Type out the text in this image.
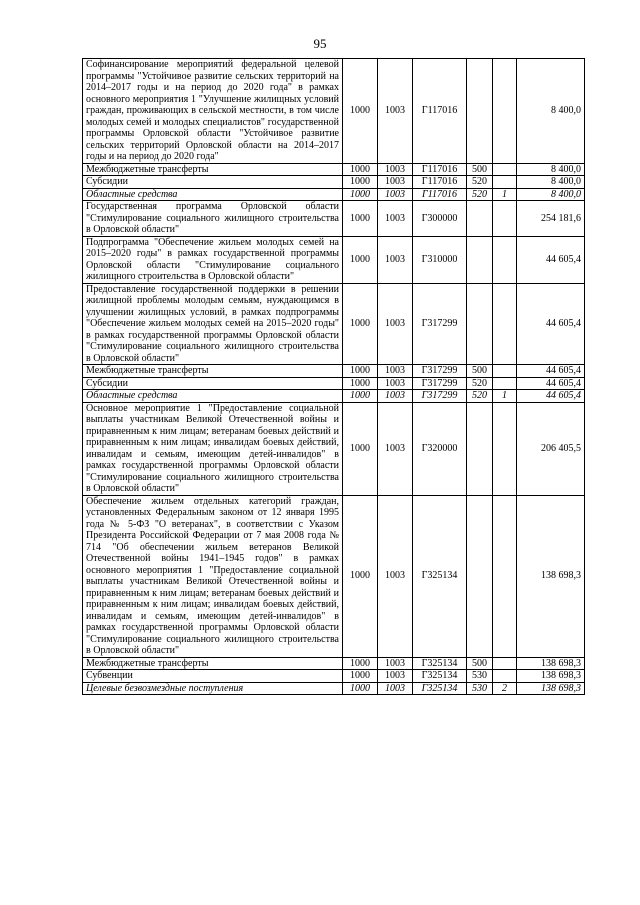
95
Софинансирование мероприятий федеральной целевой программы "Устойчивое развитие сельских территорий на 2014–2017 годы и на период до 2020 года" в рамках основного мероприятия 1 "Улучшение жилищных условий граждан, проживающих в сельской местности, в том числе молодых семей и молодых специалистов" государственной программы Орловской области "Устойчивое развитие сельских территорий Орловской области на 2014–2017 годы и на период до 2020 года"	1000	1003	Г117016			8 400,0
Межбюджетные трансферты	1000	1003	Г117016	500		8 400,0
Субсидии	1000	1003	Г117016	520		8 400,0
Областные средства	1000	1003	Г117016	520	1	8 400,0
Государственная программа Орловской области "Стимулирование социального жилищного строительства в Орловской области"	1000	1003	Г300000			254 181,6
Подпрограмма "Обеспечение жильем молодых семей на 2015–2020 годы" в рамках государственной программы Орловской области "Стимулирование социального жилищного строительства в Орловской области"	1000	1003	Г310000			44 605,4
Предоставление государственной поддержки в решении жилищной проблемы молодым семьям, нуждающимся в улучшении жилищных условий, в рамках подпрограммы "Обеспечение жильем молодых семей на 2015–2020 годы" в рамках государственной программы Орловской области "Стимулирование социального жилищного строительства в Орловской области"	1000	1003	Г317299			44 605,4
Межбюджетные трансферты	1000	1003	Г317299	500		44 605,4
Субсидии	1000	1003	Г317299	520		44 605,4
Областные средства	1000	1003	Г317299	520	1	44 605,4
Основное мероприятие 1 "Предоставление социальной выплаты участникам Великой Отечественной войны и приравненным к ним лицам; ветеранам боевых действий и приравненным к ним лицам; инвалидам боевых действий, инвалидам и семьям, имеющим детей-инвалидов" в рамках государственной программы Орловской области "Стимулирование социального жилищного строительства в Орловской области"	1000	1003	Г320000			206 405,5
Обеспечение жильем отдельных категорий граждан, установленных Федеральным законом от 12 января 1995 года № 5-ФЗ "О ветеранах", в соответствии с Указом Президента Российской Федерации от 7 мая 2008 года № 714 "Об обеспечении жильем ветеранов Великой Отечественной войны 1941–1945 годов" в рамках основного мероприятия 1 "Предоставление социальной выплаты участникам Великой Отечественной войны и приравненным к ним лицам; ветеранам боевых действий и приравненным к ним лицам; инвалидам боевых действий, инвалидам и семьям, имеющим детей-инвалидов" в рамках государственной программы Орловской области "Стимулирование социального жилищного строительства в Орловской области"	1000	1003	Г325134			138 698,3
Межбюджетные трансферты	1000	1003	Г325134	500		138 698,3
Субвенции	1000	1003	Г325134	530		138 698,3
Целевые безвозмездные поступления	1000	1003	Г325134	530	2	138 698,3
